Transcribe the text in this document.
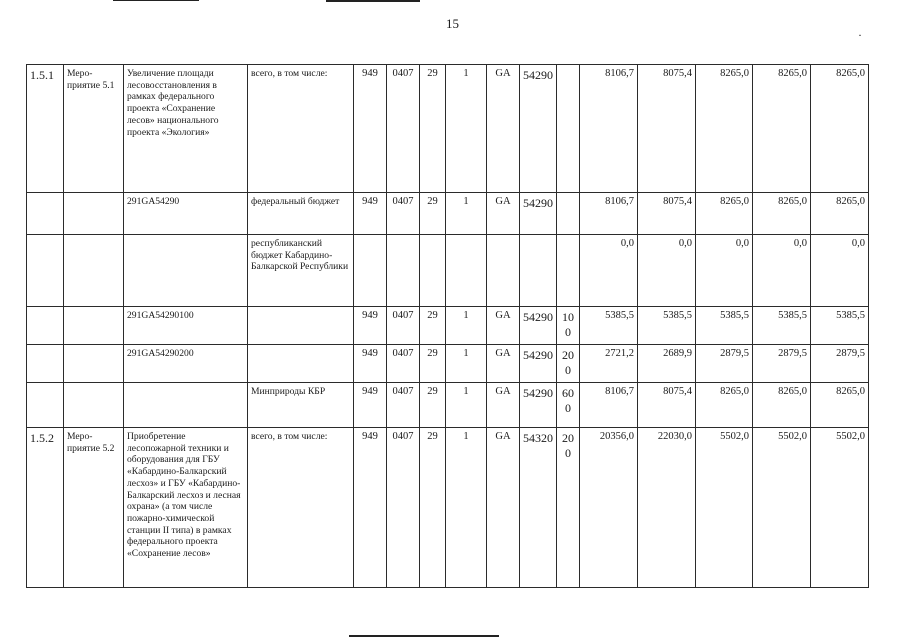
·
15
1.5.1	Меро-приятие 5.1	Увеличение площади лесовосстановления в рамках федерального проекта «Сохранение лесов» национального проекта «Экология»	всего, в том числе:	949	0407	29	1	GA	54290		8106,7	8075,4	8265,0	8265,0	8265,0
		291GA54290	федеральный бюджет	949	0407	29	1	GA	54290		8106,7	8075,4	8265,0	8265,0	8265,0
			республиканский бюджет Кабардино-Балкарской Республики								0,0	0,0	0,0	0,0	0,0
		291GA54290100		949	0407	29	1	GA	54290	100	5385,5	5385,5	5385,5	5385,5	5385,5
		291GA54290200		949	0407	29	1	GA	54290	200	2721,2	2689,9	2879,5	2879,5	2879,5
			Минприроды КБР	949	0407	29	1	GA	54290	600	8106,7	8075,4	8265,0	8265,0	8265,0
1.5.2	Меро-приятие 5.2	Приобретение лесопожарной техники и оборудования для ГБУ «Кабардино-Балкарский лесхоз» и ГБУ «Кабардино-Балкарский лесхоз и лесная охрана» (а том числе пожарно-химической станции II типа) в рамках федерального проекта «Сохранение лесов»	всего, в том числе:	949	0407	29	1	GA	54320	200	20356,0	22030,0	5502,0	5502,0	5502,0
